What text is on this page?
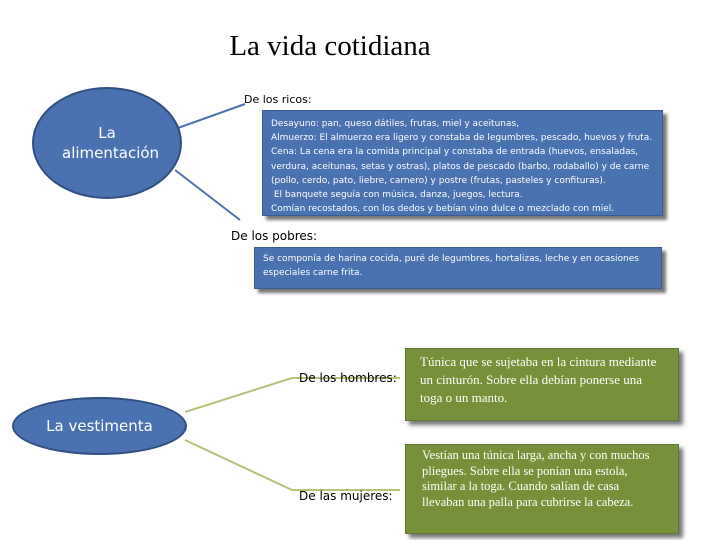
La vida cotidiana
La alimentación
De los ricos:
Desayuno: pan, queso dátiles, frutas, miel y aceitunas,
Almuerzo: El almuerzo era ligero y constaba de legumbres, pescado, huevos y fruta.
Cena: La cena era la comida principal y constaba de entrada (huevos, ensaladas,
verdura, aceitunas, setas y ostras), platos de pescado (barbo, rodaballo) y de carne
(pollo, cerdo, pato, liebre, carnero) y postre (frutas, pasteles y confituras).
El banquete seguía con música, danza, juegos, lectura.
Comían recostados, con los dedos y bebían vino dulce o mezclado con miel.
De los pobres:
Se componía de harina cocida, puré de legumbres, hortalizas, leche y en ocasiones
especiales carne frita.
La vestimenta
De los hombres:
Túnica que se sujetaba en la cintura mediante un cinturón. Sobre ella debían ponerse una toga o un manto.
De las mujeres:
Vestían una túnica larga, ancha y con muchos pliegues. Sobre ella se ponían una estola, similar a la toga. Cuando salían de casa llevaban una palla para cubrirse la cabeza.
